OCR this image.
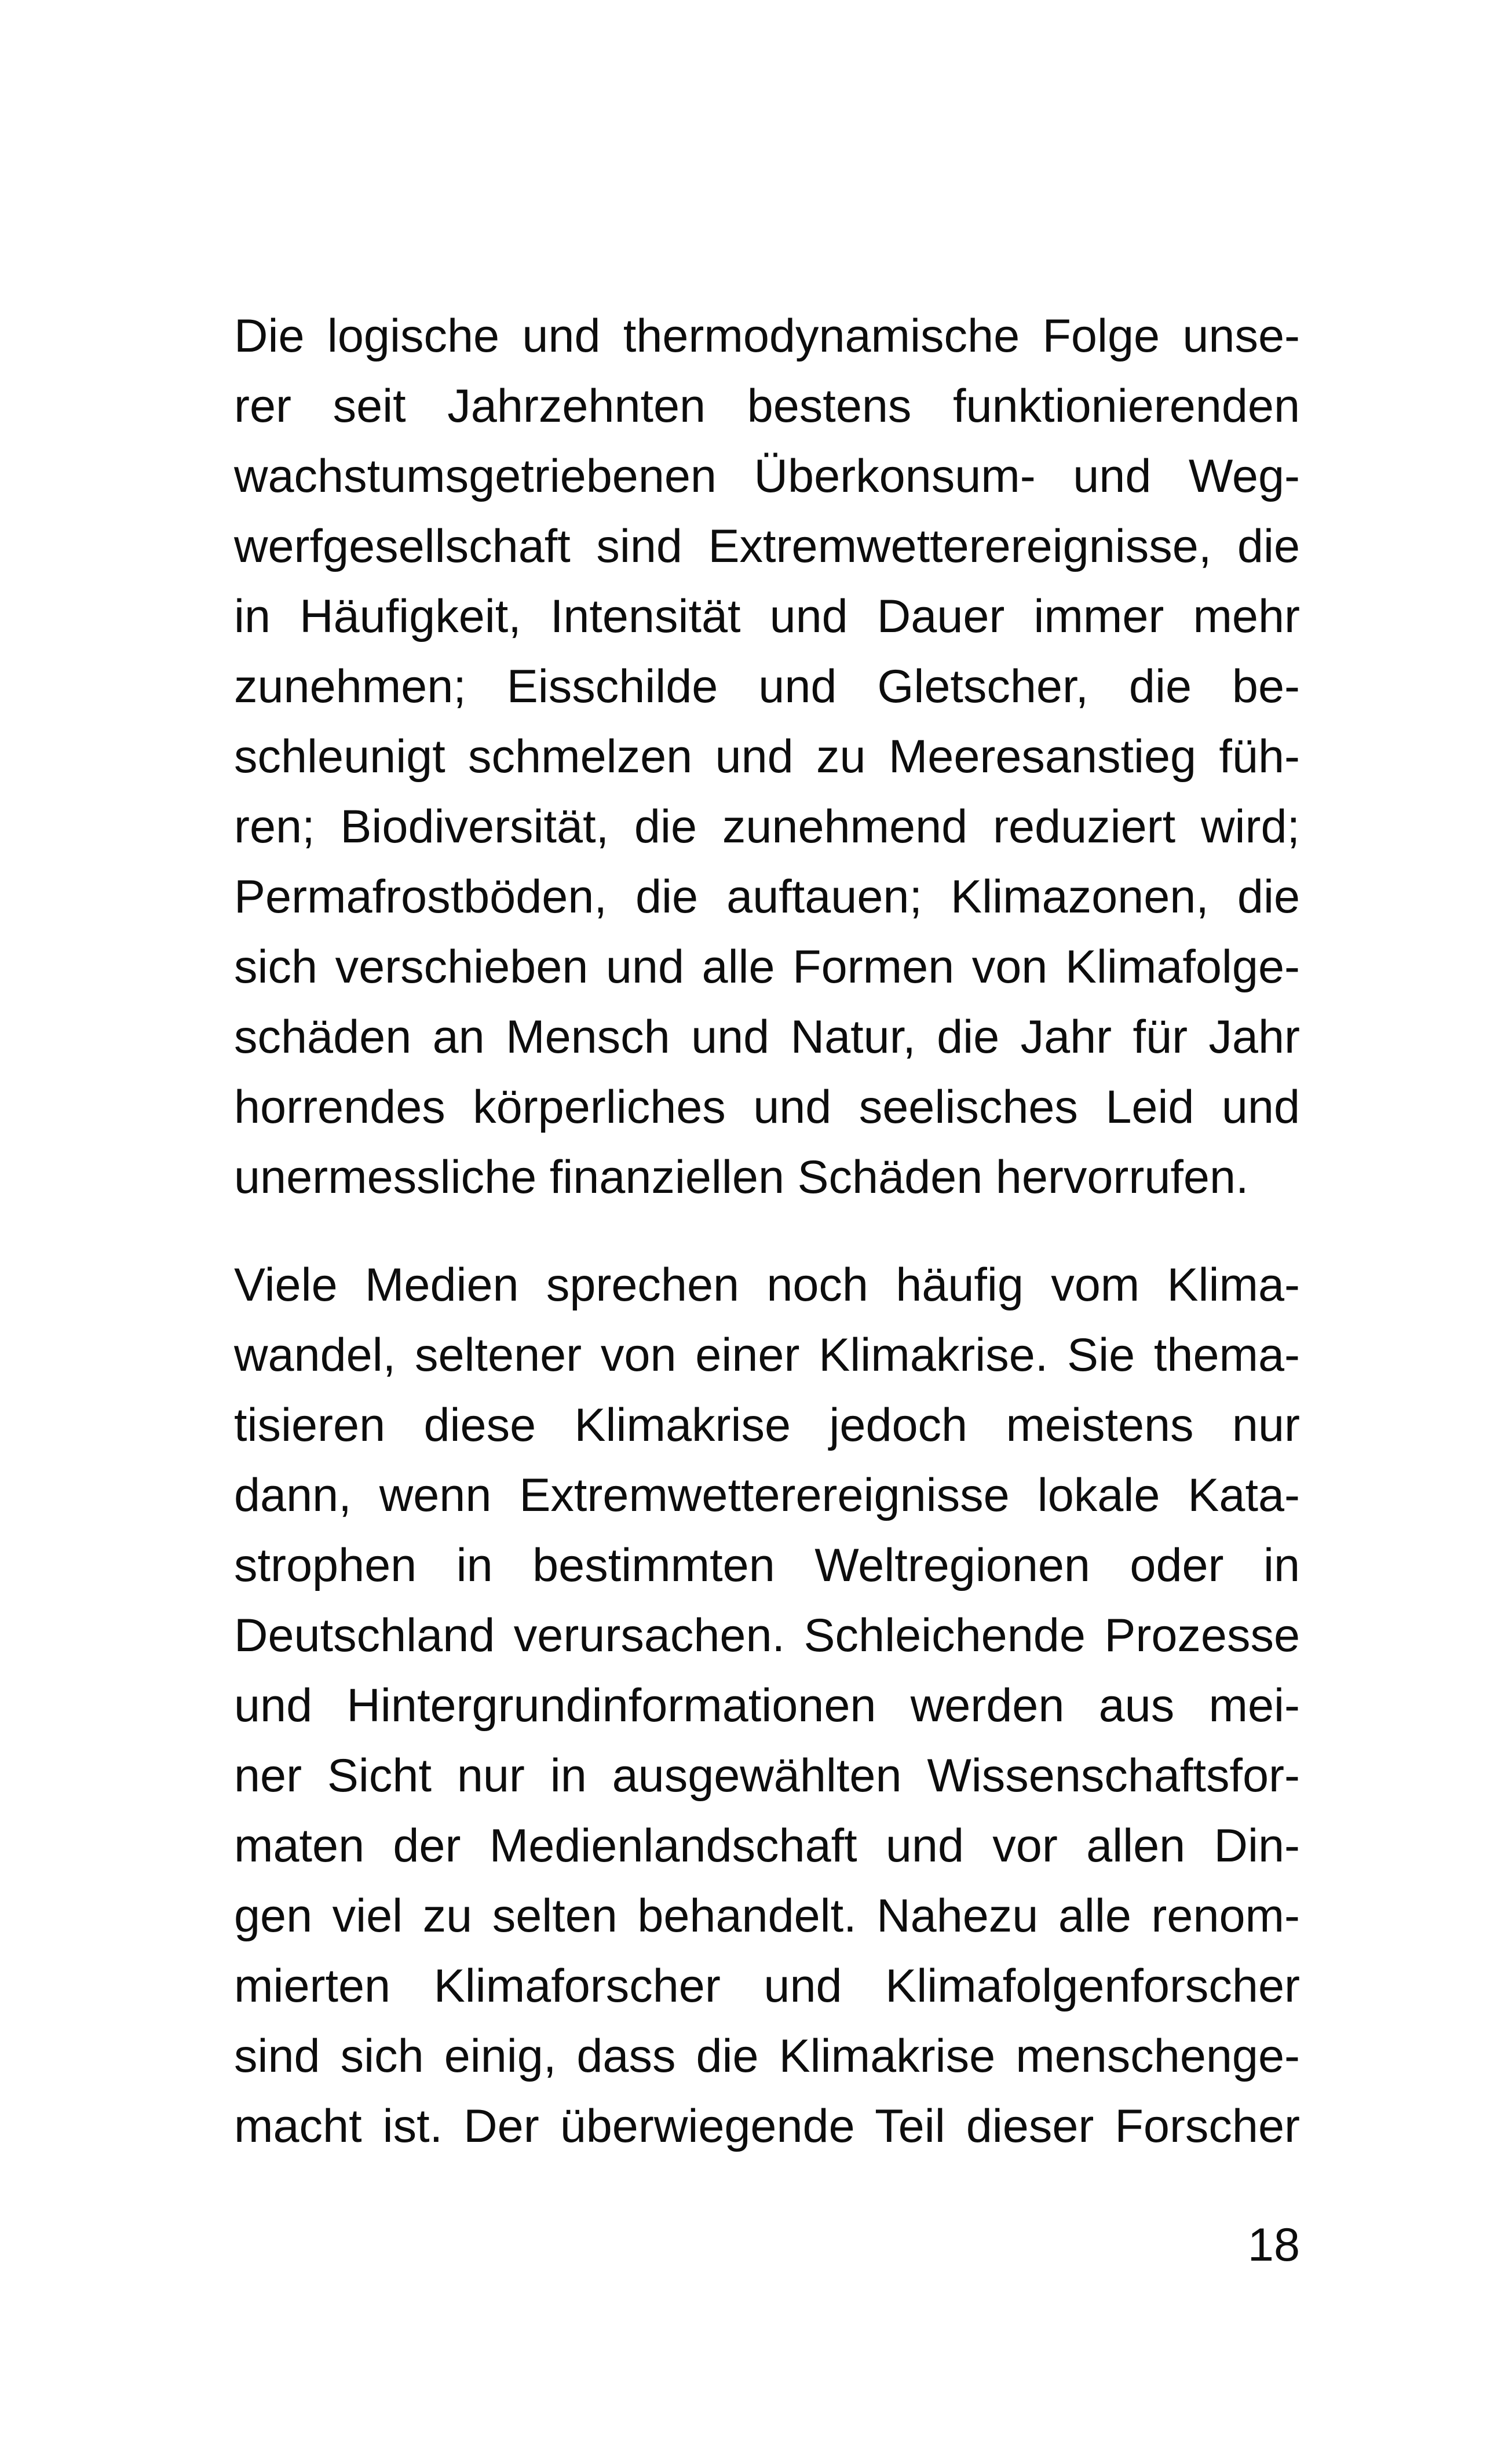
Die logische und thermodynamische Folge unse-
rer seit Jahrzehnten bestens funktionierenden
wachstumsgetriebenen Überkonsum- und Weg-
werfgesellschaft sind Extremwetterereignisse, die
in Häufigkeit, Intensität und Dauer immer mehr
zunehmen; Eisschilde und Gletscher, die be-
schleunigt schmelzen und zu Meeresanstieg füh-
ren; Biodiversität, die zunehmend reduziert wird;
Permafrostböden, die auftauen; Klimazonen, die
sich verschieben und alle Formen von Klimafolge-
schäden an Mensch und Natur, die Jahr für Jahr
horrendes körperliches und seelisches Leid und
unermessliche finanziellen Schäden hervorrufen.
Viele Medien sprechen noch häufig vom Klima-
wandel, seltener von einer Klimakrise. Sie thema-
tisieren diese Klimakrise jedoch meistens nur
dann, wenn Extremwetterereignisse lokale Kata-
strophen in bestimmten Weltregionen oder in
Deutschland verursachen. Schleichende Prozesse
und Hintergrundinformationen werden aus mei-
ner Sicht nur in ausgewählten Wissenschaftsfor-
maten der Medienlandschaft und vor allen Din-
gen viel zu selten behandelt. Nahezu alle renom-
mierten Klimaforscher und Klimafolgenforscher
sind sich einig, dass die Klimakrise menschenge-
macht ist. Der überwiegende Teil dieser Forscher
18
